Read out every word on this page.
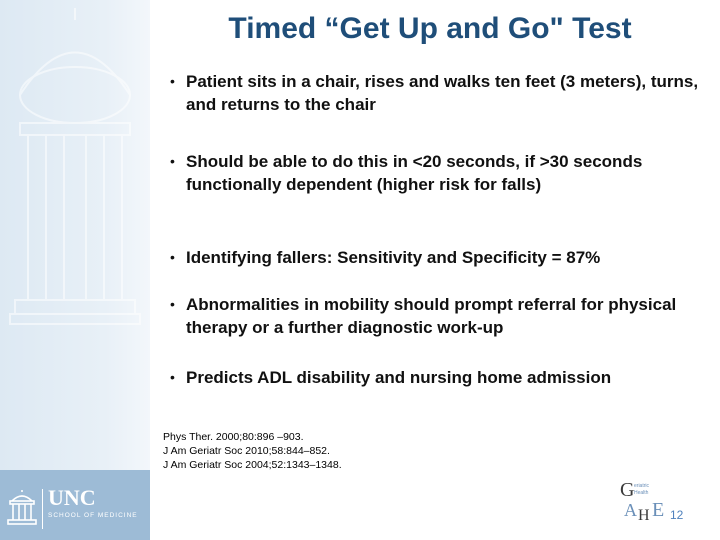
UNC
SCHOOL OF MEDICINE
Timed “Get Up and Go" Test
• Patient sits in a chair, rises and walks ten feet (3 meters), turns, and returns to the chair
• Should be able to do this in <20 seconds, if >30 seconds functionally dependent (higher risk for falls)
• Identifying fallers: Sensitivity and Specificity = 87%
• Abnormalities in mobility should prompt referral for physical therapy or a further diagnostic work-up
• Predicts ADL disability and nursing home admission
Phys Ther. 2000;80:896 –903.
J Am Geriatr Soc 2010;58:844–852.
J Am Geriatr Soc 2004;52:1343–1348.
G eriatric
Health
A H E 12
